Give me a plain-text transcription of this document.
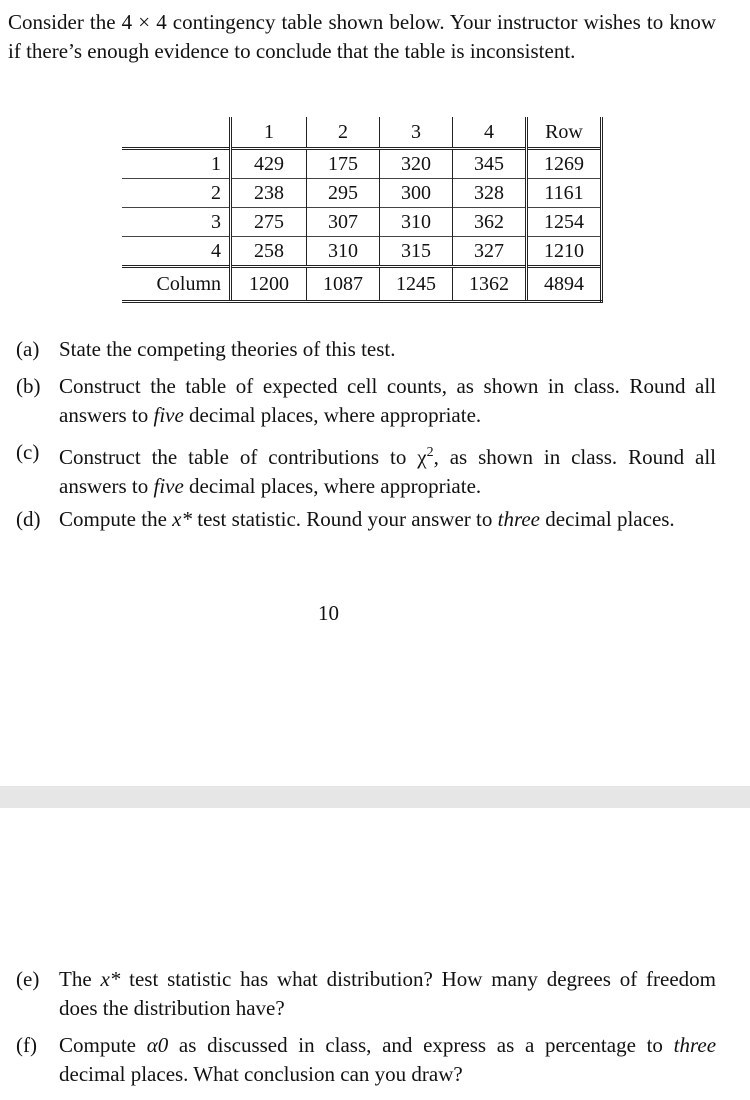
Consider the 4 × 4 contingency table shown below. Your instructor wishes to know if there’s enough evidence to conclude that the table is inconsistent.
	1	2	3	4	Row
1	429	175	320	345	1269
2	238	295	300	328	1161
3	275	307	310	362	1254
4	258	310	315	327	1210
Column	1200	1087	1245	1362	4894
(a) State the competing theories of this test.
(b) Construct the table of expected cell counts, as shown in class. Round all answers to five decimal places, where appropriate.
(c) Construct the table of contributions to $\chi^2$, as shown in class. Round all answers to five decimal places, where appropriate.
(d) Compute the x* test statistic. Round your answer to three decimal places.
10
(e) The x* test statistic has what distribution? How many degrees of freedom does the distribution have?
(f) Compute α0 as discussed in class, and express as a percentage to three decimal places. What conclusion can you draw?
